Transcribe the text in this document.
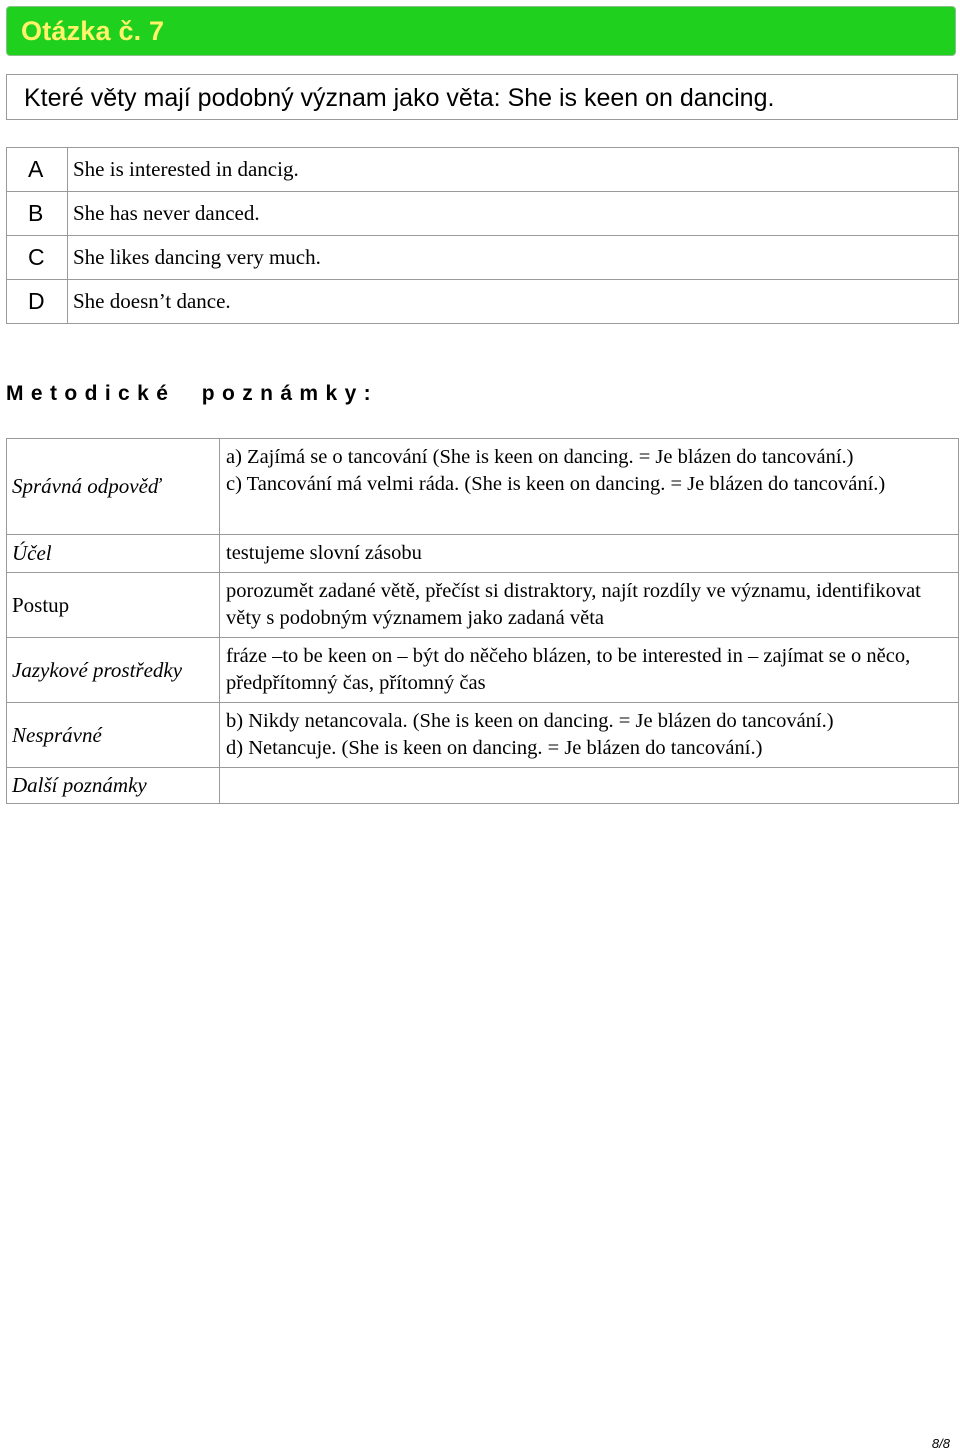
Otázka č. 7
Které věty mají podobný význam jako věta: She is keen on dancing.
A	She is interested in dancig.
B	She has never danced.
C	She likes dancing very much.
D	She doesn’t dance.
Metodické  poznámky:
Správná odpověď	a) Zajímá se o tancování (She is keen on dancing. = Je blázen do tancování.)
c) Tancování má velmi ráda. (She is keen on dancing. = Je blázen do tancování.)

Účel	testujeme slovní zásobu
Postup	porozumět zadané větě, přečíst si distraktory, najít rozdíly ve významu, identifikovat věty s podobným významem jako zadaná věta
Jazykové prostředky	fráze –to be keen on – být do něčeho blázen, to be interested in – zajímat se o něco, předpřítomný čas, přítomný čas
Nesprávné	b) Nikdy netancovala. (She is keen on dancing. = Je blázen do tancování.)
d) Netancuje. (She is keen on dancing. = Je blázen do tancování.)

Další poznámky	
8/8
